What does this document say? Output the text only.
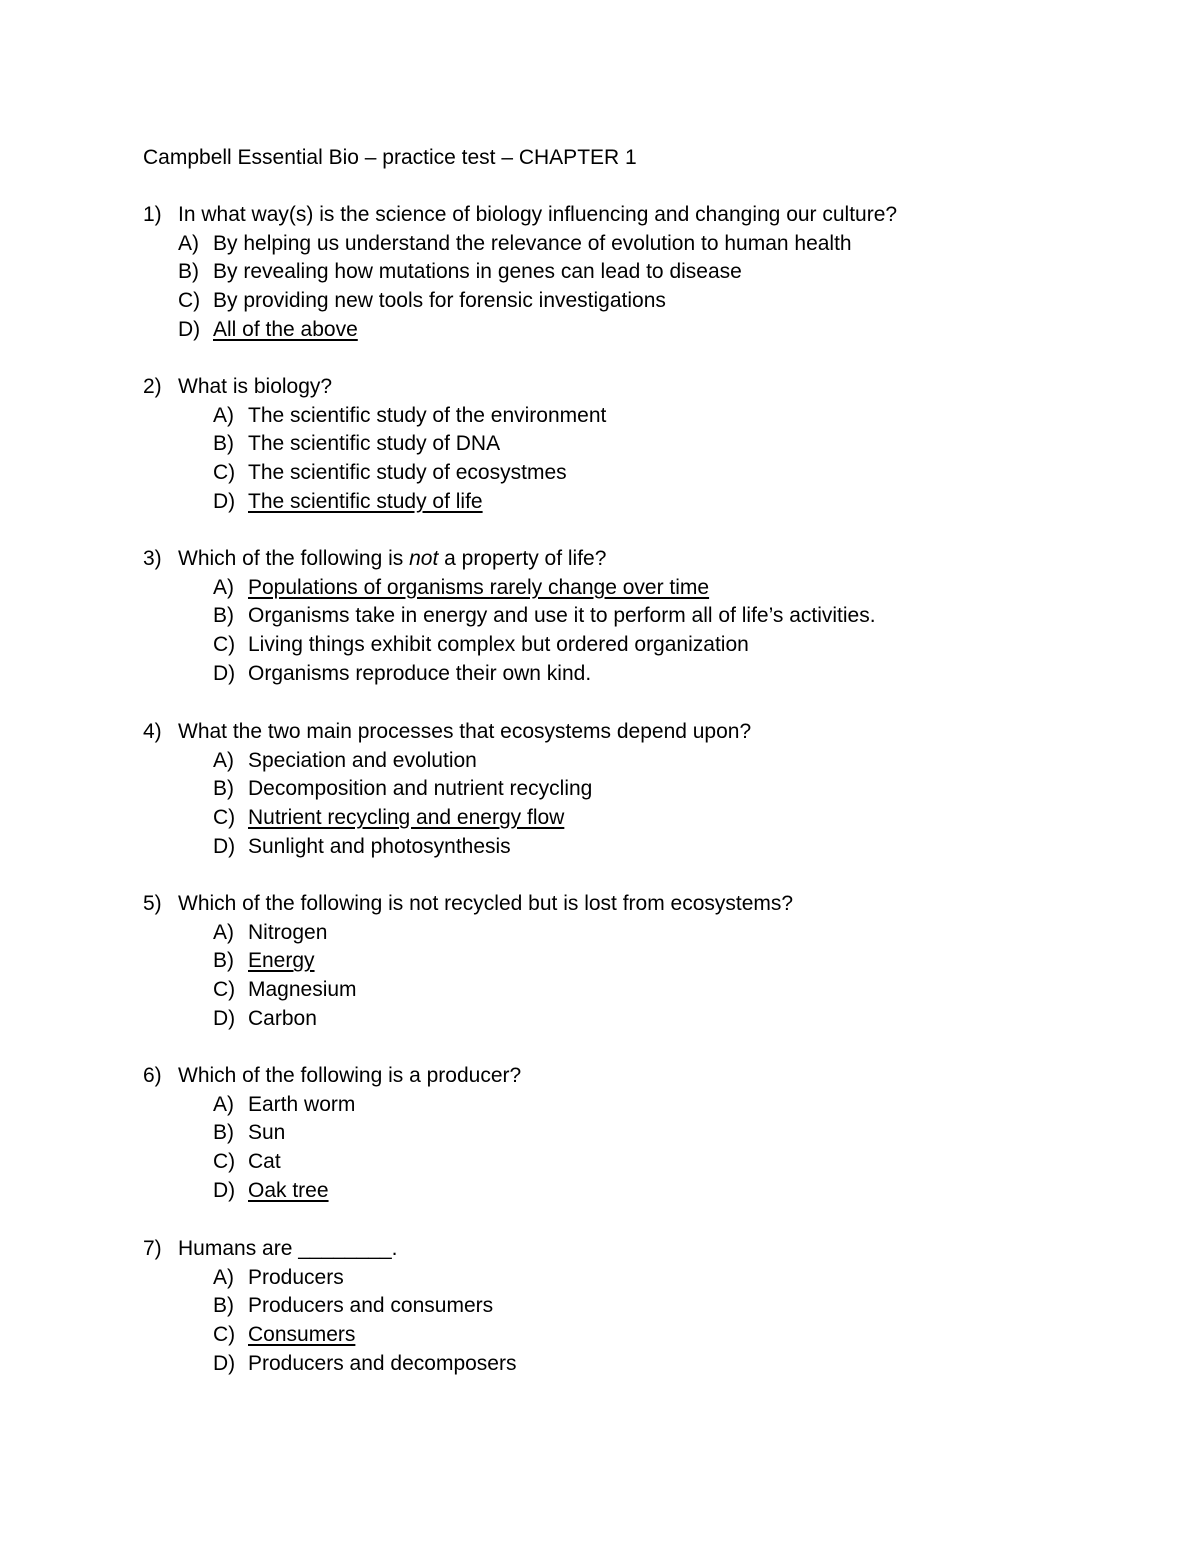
Campbell Essential Bio – practice test – CHAPTER 1
1) In what way(s) is the science of biology influencing and changing our culture?
A) By helping us understand the relevance of evolution to human health
B) By revealing how mutations in genes can lead to disease
C) By providing new tools for forensic investigations
D) All of the above
2) What is biology?
A) The scientific study of the environment
B) The scientific study of DNA
C) The scientific study of ecosystmes
D) The scientific study of life
3) Which of the following is not a property of life?
A) Populations of organisms rarely change over time
B) Organisms take in energy and use it to perform all of life’s activities.
C) Living things exhibit complex but ordered organization
D) Organisms reproduce their own kind.
4) What the two main processes that ecosystems depend upon?
A) Speciation and evolution
B) Decomposition and nutrient recycling
C) Nutrient recycling and energy flow
D) Sunlight and photosynthesis
5) Which of the following is not recycled but is lost from ecosystems?
A) Nitrogen
B) Energy
C) Magnesium
D) Carbon
6) Which of the following is a producer?
A) Earth worm
B) Sun
C) Cat
D) Oak tree
7) Humans are ________.
A) Producers
B) Producers and consumers
C) Consumers
D) Producers and decomposers
